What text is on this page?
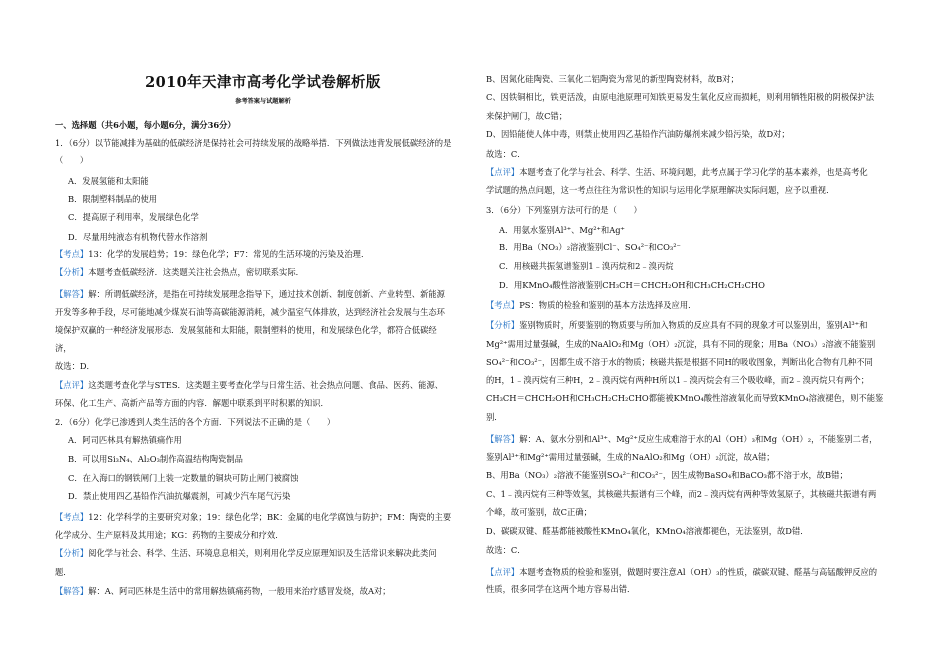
2010年天津市高考化学试卷解析版
参考答案与试题解析
一、选择题（共6小题，每小题6分，满分36分）
1．（6分）以节能减排为基础的低碳经济是保持社会可持续发展的战略举措．下列做法违背发展低碳经济的是
（　　）
A．发展氢能和太阳能
B．限制塑料制品的使用
C．提高原子利用率，发展绿色化学
D．尽量用纯液态有机物代替水作溶剂
【考点】13：化学的发展趋势；19：绿色化学；F7：常见的生活环境的污染及治理．
【分析】本题考查低碳经济．这类题关注社会热点，密切联系实际．
【解答】解：所谓低碳经济，是指在可持续发展理念指导下，通过技术创新、制度创新、产业转型、新能源
开发等多种手段，尽可能地减少煤炭石油等高碳能源消耗，减少温室气体排放，达到经济社会发展与生态环
境保护双赢的一种经济发展形态．发展氢能和太阳能，限制塑料的使用，和发展绿色化学，都符合低碳经
济，
故选：D．
【点评】这类题考查化学与STES．这类题主要考查化学与日常生活、社会热点问题、食品、医药、能源、
环保、化工生产、高新产品等方面的内容．解题中联系到平时积累的知识．
2．（6分）化学已渗透到人类生活的各个方面．下列说法不正确的是（　　）
A．阿司匹林具有解热镇痛作用
B．可以用Si₃N₄、Al₂O₃制作高温结构陶瓷制品
C．在入海口的钢铁闸门上装一定数量的铜块可防止闸门被腐蚀
D．禁止使用四乙基铅作汽油抗爆震剂，可减少汽车尾气污染
【考点】12：化学科学的主要研究对象；19：绿色化学；BK：金属的电化学腐蚀与防护；FM：陶瓷的主要
化学成分、生产原料及其用途；KG：药物的主要成分和疗效．
【分析】阅化学与社会、科学、生活、环境息息相关，则利用化学反应原理知识及生活常识来解决此类问
题．
【解答】解：A、阿司匹林是生活中的常用解热镇痛药物，一般用来治疗感冒发烧，故A对；
B、因氮化硅陶瓷、三氧化二铝陶瓷为常见的新型陶瓷材料，故B对；
C、因铁铜相比，铁更活泼，由原电池原理可知铁更易发生氧化反应而损耗，则利用牺牲阳极的阴极保护法
来保护闸门，故C错；
D、因铅能使人体中毒，则禁止使用四乙基铅作汽油防爆剂来减少铅污染，故D对；
故选：C．
【点评】本题考查了化学与社会、科学、生活、环境问题，此考点属于学习化学的基本素养，也是高考化
学试题的热点问题，这一考点往往为常识性的知识与运用化学原理解决实际问题，应予以重视．
3．（6分）下列鉴别方法可行的是（　　）
A．用氨水鉴别Al³⁺、Mg²⁺和Ag⁺
B．用Ba（NO₃）₂溶液鉴别Cl⁻、SO₄²⁻和CO₃²⁻
C．用核磁共振氢谱鉴别1﹣溴丙烷和2﹣溴丙烷
D．用KMnO₄酸性溶液鉴别CH₃CH＝CHCH₂OH和CH₃CH₂CH₂CHO
【考点】PS：物质的检验和鉴别的基本方法选择及应用．
【分析】鉴别物质时，所要鉴别的物质要与所加入物质的反应具有不同的现象才可以鉴别出，鉴别Al³⁺和
Mg²⁺需用过量强碱，生成的NaAlO₂和Mg（OH）₂沉淀，具有不同的现象；用Ba（NO₃）₂溶液不能鉴别
SO₄²⁻和CO₃²⁻，因都生成不溶于水的物质；核磁共振是根据不同H的吸收图象，判断出化合物有几种不同
的H，1﹣溴丙烷有三种H，2﹣溴丙烷有两种H所以1﹣溴丙烷会有三个吸收峰，而2﹣溴丙烷只有两个；
CH₃CH＝CHCH₂OH和CH₃CH₂CH₂CHO都能被KMnO₄酸性溶液氧化而导致KMnO₄溶液褪色，则不能鉴
别．
【解答】解：A、氨水分别和Al³⁺、Mg²⁺反应生成难溶于水的Al（OH）₃和Mg（OH）₂，不能鉴别二者，
鉴别Al³⁺和Mg²⁺需用过量强碱，生成的NaAlO₂和Mg（OH）₂沉淀，故A错；
B、用Ba（NO₃）₂溶液不能鉴别SO₄²⁻和CO₃²⁻，因生成物BaSO₄和BaCO₃都不溶于水，故B错；
C、1﹣溴丙烷有三种等效氢，其核磁共振谱有三个峰，而2﹣溴丙烷有两种等效氢原子，其核磁共振谱有两
个峰，故可鉴别，故C正确；
D、碳碳双键、醛基都能被酸性KMnO₄氧化，KMnO₄溶液都褪色，无法鉴别，故D错．
故选：C．
【点评】本题考查物质的检验和鉴别，做题时要注意Al（OH）₃的性质，碳碳双键、醛基与高锰酸钾反应的
性质，很多同学在这两个地方容易出错．
